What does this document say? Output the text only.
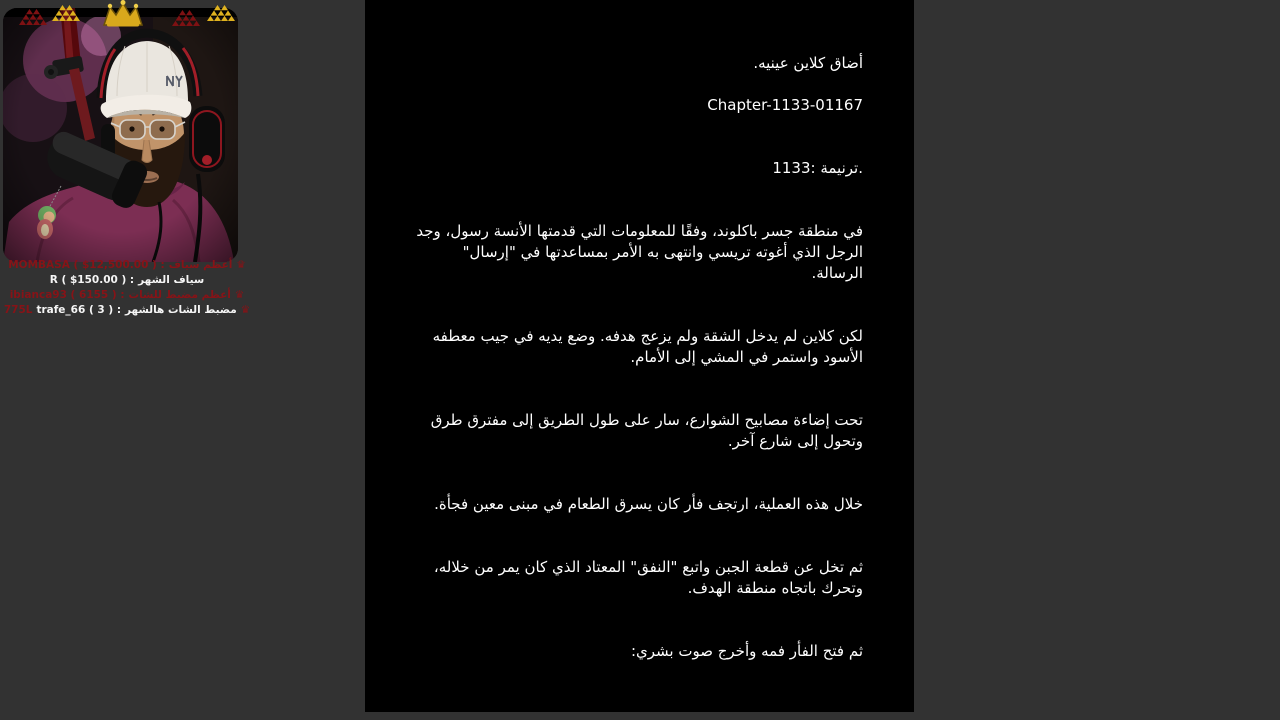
أضاق كلاين عينيه.

Chapter-1133-01167

1133: ترنيمة.

في منطقة جسر باكلوند، وفقًا للمعلومات التي قدمتها الأنسة رسول، وجد الرجل الذي أغوته تريسي وانتهى به الأمر بمساعدتها في "إرسال" الرسالة.

لكن كلاين لم يدخل الشقة ولم يزعج هدفه. وضع يديه في جيب معطفه الأسود واستمر في المشي إلى الأمام.

تحت إضاءة مصابيح الشوارع، سار على طول الطريق إلى مفترق طرق وتحول إلى شارع آخر.

خلال هذه العملية، ارتجف فأر كان يسرق الطعام في مبنى معين فجأة.

ثم تخل عن قطعة الجبن واتبع "النفق" المعتاد الذي كان يمر من خلاله، وتحرك باتجاه منطقة الهدف.

ثم فتح الفأر فمه وأخرج صوت بشري:

MOMBASA ( $12,500.00 ) : أعظم سياف ♛
R ( $150.00 ) : سياف الشهر
ibianca93 ( 6155 ) : أعظم مضبط للشات ♛
775L trafe_66 ( 3 ) : مضبط الشات هالشهر ♛
